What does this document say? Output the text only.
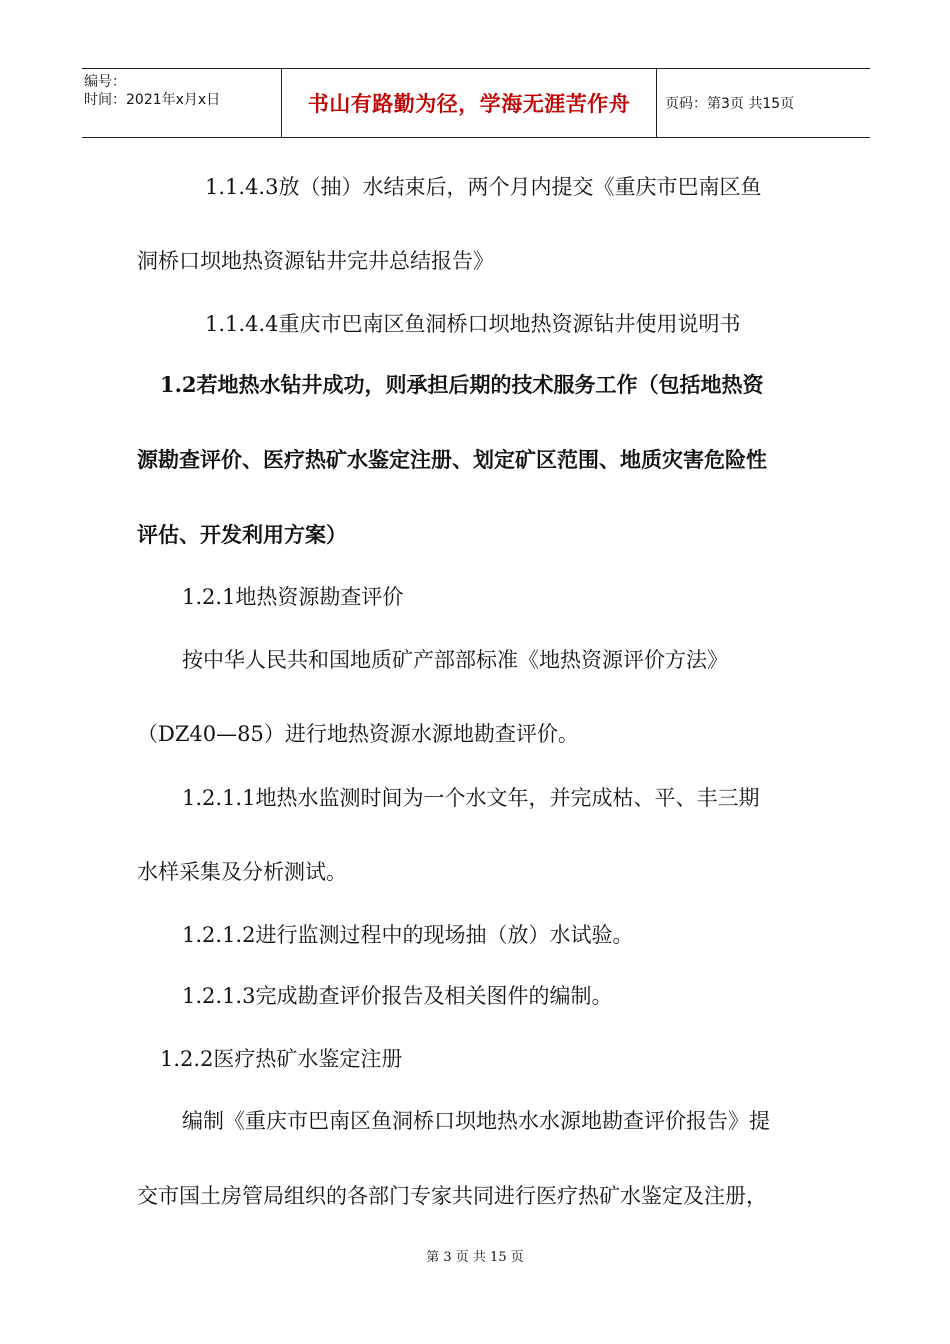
编号：
时间：2021年x月x日	书山有路勤为径，学海无涯苦作舟 页码：第3页 共15页
1.1.4.3放（抽）水结束后，两个月内提交《重庆市巴南区鱼
洞桥口坝地热资源钻井完井总结报告》
1.1.4.4重庆市巴南区鱼洞桥口坝地热资源钻井使用说明书
1.2若地热水钻井成功，则承担后期的技术服务工作（包括地热资
源勘查评价、医疗热矿水鉴定注册、划定矿区范围、地质灾害危险性
评估、开发利用方案）
1.2.1地热资源勘查评价
按中华人民共和国地质矿产部部标准《地热资源评价方法》
（DZ40—85）进行地热资源水源地勘查评价。
1.2.1.1地热水监测时间为一个水文年，并完成枯、平、丰三期
水样采集及分析测试。
1.2.1.2进行监测过程中的现场抽（放）水试验。
1.2.1.3完成勘查评价报告及相关图件的编制。
1.2.2医疗热矿水鉴定注册
编制《重庆市巴南区鱼洞桥口坝地热水水源地勘查评价报告》提
交市国土房管局组织的各部门专家共同进行医疗热矿水鉴定及注册，
第 3 页 共 15 页
